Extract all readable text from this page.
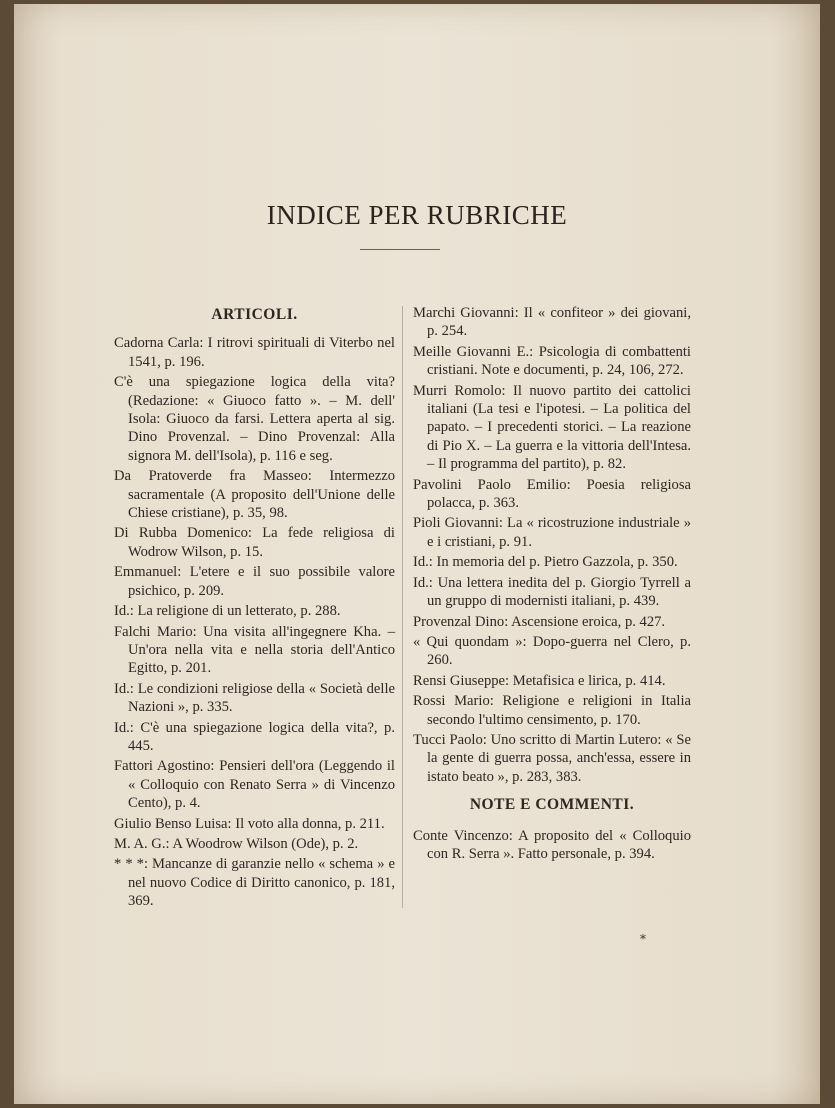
INDICE PER RUBRICHE
ARTICOLI.

Cadorna Carla: I ritrovi spirituali di Viterbo nel 1541, p. 196.

C'è una spiegazione logica della vita? (Redazione: « Giuoco fatto ». – M. dell' Isola: Giuoco da farsi. Lettera aperta al sig. Dino Provenzal. – Dino Provenzal: Alla signora M. dell'Isola), p. 116 e seg.

Da Pratoverde fra Masseo: Intermezzo sacramentale (A proposito dell'Unione delle Chiese cristiane), p. 35, 98.

Di Rubba Domenico: La fede religiosa di Wodrow Wilson, p. 15.

Emmanuel: L'etere e il suo possibile valore psichico, p. 209.

Id.: La religione di un letterato, p. 288.

Falchi Mario: Una visita all'ingegnere Kha. – Un'ora nella vita e nella storia dell'Antico Egitto, p. 201.

Id.: Le condizioni religiose della « Società delle Nazioni », p. 335.

Id.: C'è una spiegazione logica della vita?, p. 445.

Fattori Agostino: Pensieri dell'ora (Leggendo il « Colloquio con Renato Serra » di Vincenzo Cento), p. 4.

Giulio Benso Luisa: Il voto alla donna, p. 211.

M. A. G.: A Woodrow Wilson (Ode), p. 2.

* * *: Mancanze di garanzie nello « schema » e nel nuovo Codice di Diritto canonico, p. 181, 369.

Marchi Giovanni: Il « confiteor » dei giovani, p. 254.

Meille Giovanni E.: Psicologia di combattenti cristiani. Note e documenti, p. 24, 106, 272.

Murri Romolo: Il nuovo partito dei cattolici italiani (La tesi e l'ipotesi. – La politica del papato. – I precedenti storici. – La reazione di Pio X. – La guerra e la vittoria dell'Intesa. – Il programma del partito), p. 82.

Pavolini Paolo Emilio: Poesia religiosa polacca, p. 363.

Pioli Giovanni: La « ricostruzione industriale » e i cristiani, p. 91.

Id.: In memoria del p. Pietro Gazzola, p. 350.

Id.: Una lettera inedita del p. Giorgio Tyrrell a un gruppo di modernisti italiani, p. 439.

Provenzal Dino: Ascensione eroica, p. 427.

« Qui quondam »: Dopo-guerra nel Clero, p. 260.

Rensi Giuseppe: Metafisica e lirica, p. 414.

Rossi Mario: Religione e religioni in Italia secondo l'ultimo censimento, p. 170.

Tucci Paolo: Uno scritto di Martin Lutero: « Se la gente di guerra possa, anch'essa, essere in istato beato », p. 283, 383.

NOTE E COMMENTI.

Conte Vincenzo: A proposito del « Colloquio con R. Serra ». Fatto personale, p. 394.

*
